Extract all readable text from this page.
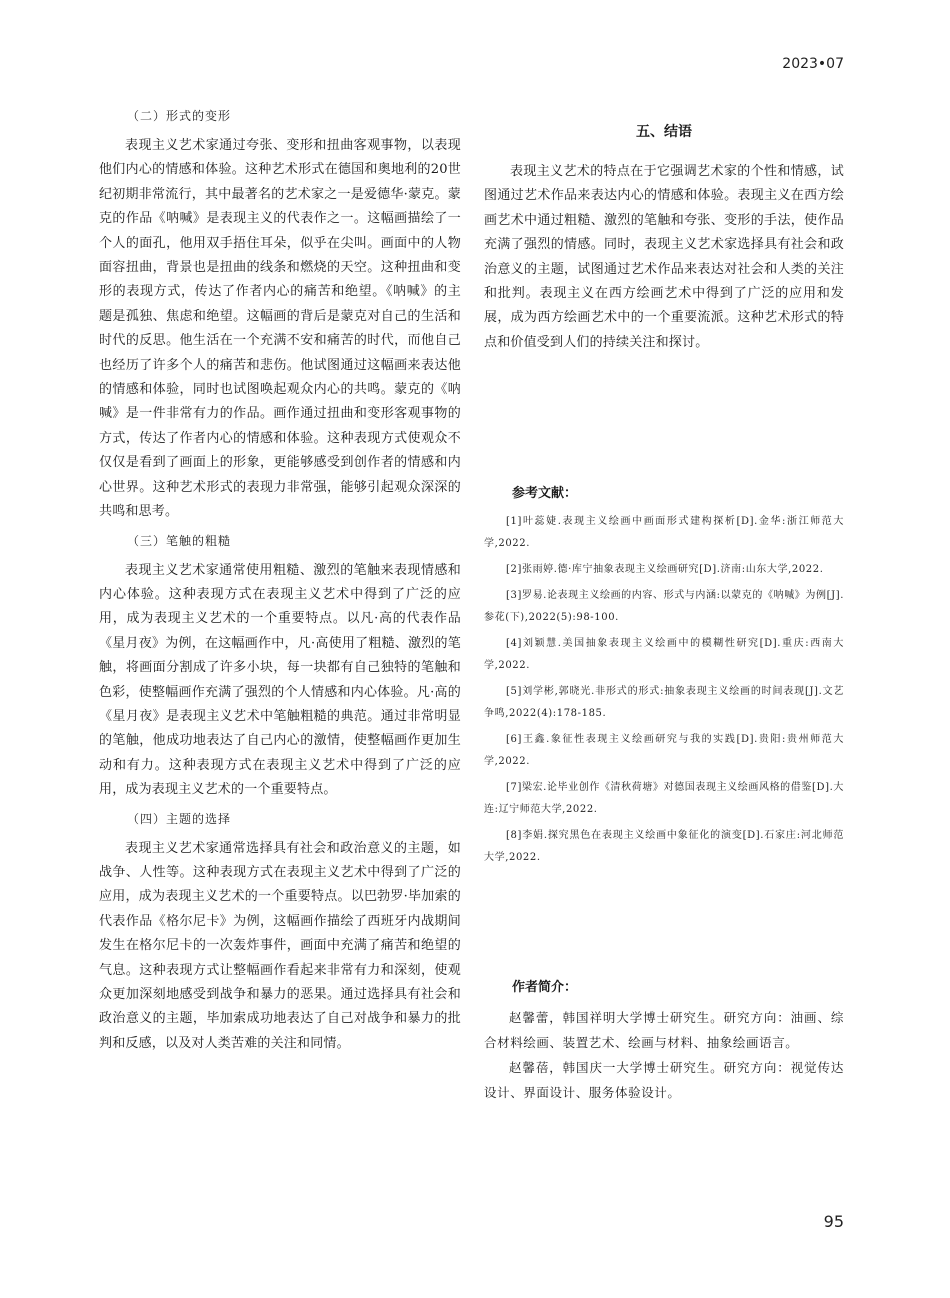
2023•07
（二）形式的变形

表现主义艺术家通过夸张、变形和扭曲客观事物，以表现他们内心的情感和体验。这种艺术形式在德国和奥地利的20世纪初期非常流行，其中最著名的艺术家之一是爱德华·蒙克。蒙克的作品《呐喊》是表现主义的代表作之一。这幅画描绘了一个人的面孔，他用双手捂住耳朵，似乎在尖叫。画面中的人物面容扭曲，背景也是扭曲的线条和燃烧的天空。这种扭曲和变形的表现方式，传达了作者内心的痛苦和绝望。《呐喊》的主题是孤独、焦虑和绝望。这幅画的背后是蒙克对自己的生活和时代的反思。他生活在一个充满不安和痛苦的时代，而他自己也经历了许多个人的痛苦和悲伤。他试图通过这幅画来表达他的情感和体验，同时也试图唤起观众内心的共鸣。蒙克的《呐喊》是一件非常有力的作品。画作通过扭曲和变形客观事物的方式，传达了作者内心的情感和体验。这种表现方式使观众不仅仅是看到了画面上的形象，更能够感受到创作者的情感和内心世界。这种艺术形式的表现力非常强，能够引起观众深深的共鸣和思考。

（三）笔触的粗糙

表现主义艺术家通常使用粗糙、激烈的笔触来表现情感和内心体验。这种表现方式在表现主义艺术中得到了广泛的应用，成为表现主义艺术的一个重要特点。以凡·高的代表作品《星月夜》为例，在这幅画作中，凡·高使用了粗糙、激烈的笔触，将画面分割成了许多小块，每一块都有自己独特的笔触和色彩，使整幅画作充满了强烈的个人情感和内心体验。凡·高的《星月夜》是表现主义艺术中笔触粗糙的典范。通过非常明显的笔触，他成功地表达了自己内心的激情，使整幅画作更加生动和有力。这种表现方式在表现主义艺术中得到了广泛的应用，成为表现主义艺术的一个重要特点。

（四）主题的选择

表现主义艺术家通常选择具有社会和政治意义的主题，如战争、人性等。这种表现方式在表现主义艺术中得到了广泛的应用，成为表现主义艺术的一个重要特点。以巴勃罗·毕加索的代表作品《格尔尼卡》为例，这幅画作描绘了西班牙内战期间发生在格尔尼卡的一次轰炸事件，画面中充满了痛苦和绝望的气息。这种表现方式让整幅画作看起来非常有力和深刻，使观众更加深刻地感受到战争和暴力的恶果。通过选择具有社会和政治意义的主题，毕加索成功地表达了自己对战争和暴力的批判和反感，以及对人类苦难的关注和同情。

五、结语

表现主义艺术的特点在于它强调艺术家的个性和情感，试图通过艺术作品来表达内心的情感和体验。表现主义在西方绘画艺术中通过粗糙、激烈的笔触和夸张、变形的手法，使作品充满了强烈的情感。同时，表现主义艺术家选择具有社会和政治意义的主题，试图通过艺术作品来表达对社会和人类的关注和批判。表现主义在西方绘画艺术中得到了广泛的应用和发展，成为西方绘画艺术中的一个重要流派。这种艺术形式的特点和价值受到人们的持续关注和探讨。

参考文献：
[1]叶蕊婕.表现主义绘画中画面形式建构探析[D].金华:浙江师范大学,2022.
[2]张雨婷.德·库宁抽象表现主义绘画研究[D].济南:山东大学,2022.
[3]罗易.论表现主义绘画的内容、形式与内涵:以蒙克的《呐喊》为例[J].参花(下),2022(5):98-100.
[4]刘颖慧.美国抽象表现主义绘画中的模糊性研究[D].重庆:西南大学,2022.
[5]刘学彬,郭晓光.非形式的形式:抽象表现主义绘画的时间表现[J].文艺争鸣,2022(4):178-185.
[6]王鑫.象征性表现主义绘画研究与我的实践[D].贵阳:贵州师范大学,2022.
[7]梁宏.论毕业创作《清秋荷塘》对德国表现主义绘画风格的借鉴[D].大连:辽宁师范大学,2022.
[8]李娟.探究黑色在表现主义绘画中象征化的演变[D].石家庄:河北师范大学,2022.
作者简介：

赵馨蕾，韩国祥明大学博士研究生。研究方向：油画、综合材料绘画、装置艺术、绘画与材料、抽象绘画语言。

赵馨蓓，韩国庆一大学博士研究生。研究方向：视觉传达设计、界面设计、服务体验设计。

95
